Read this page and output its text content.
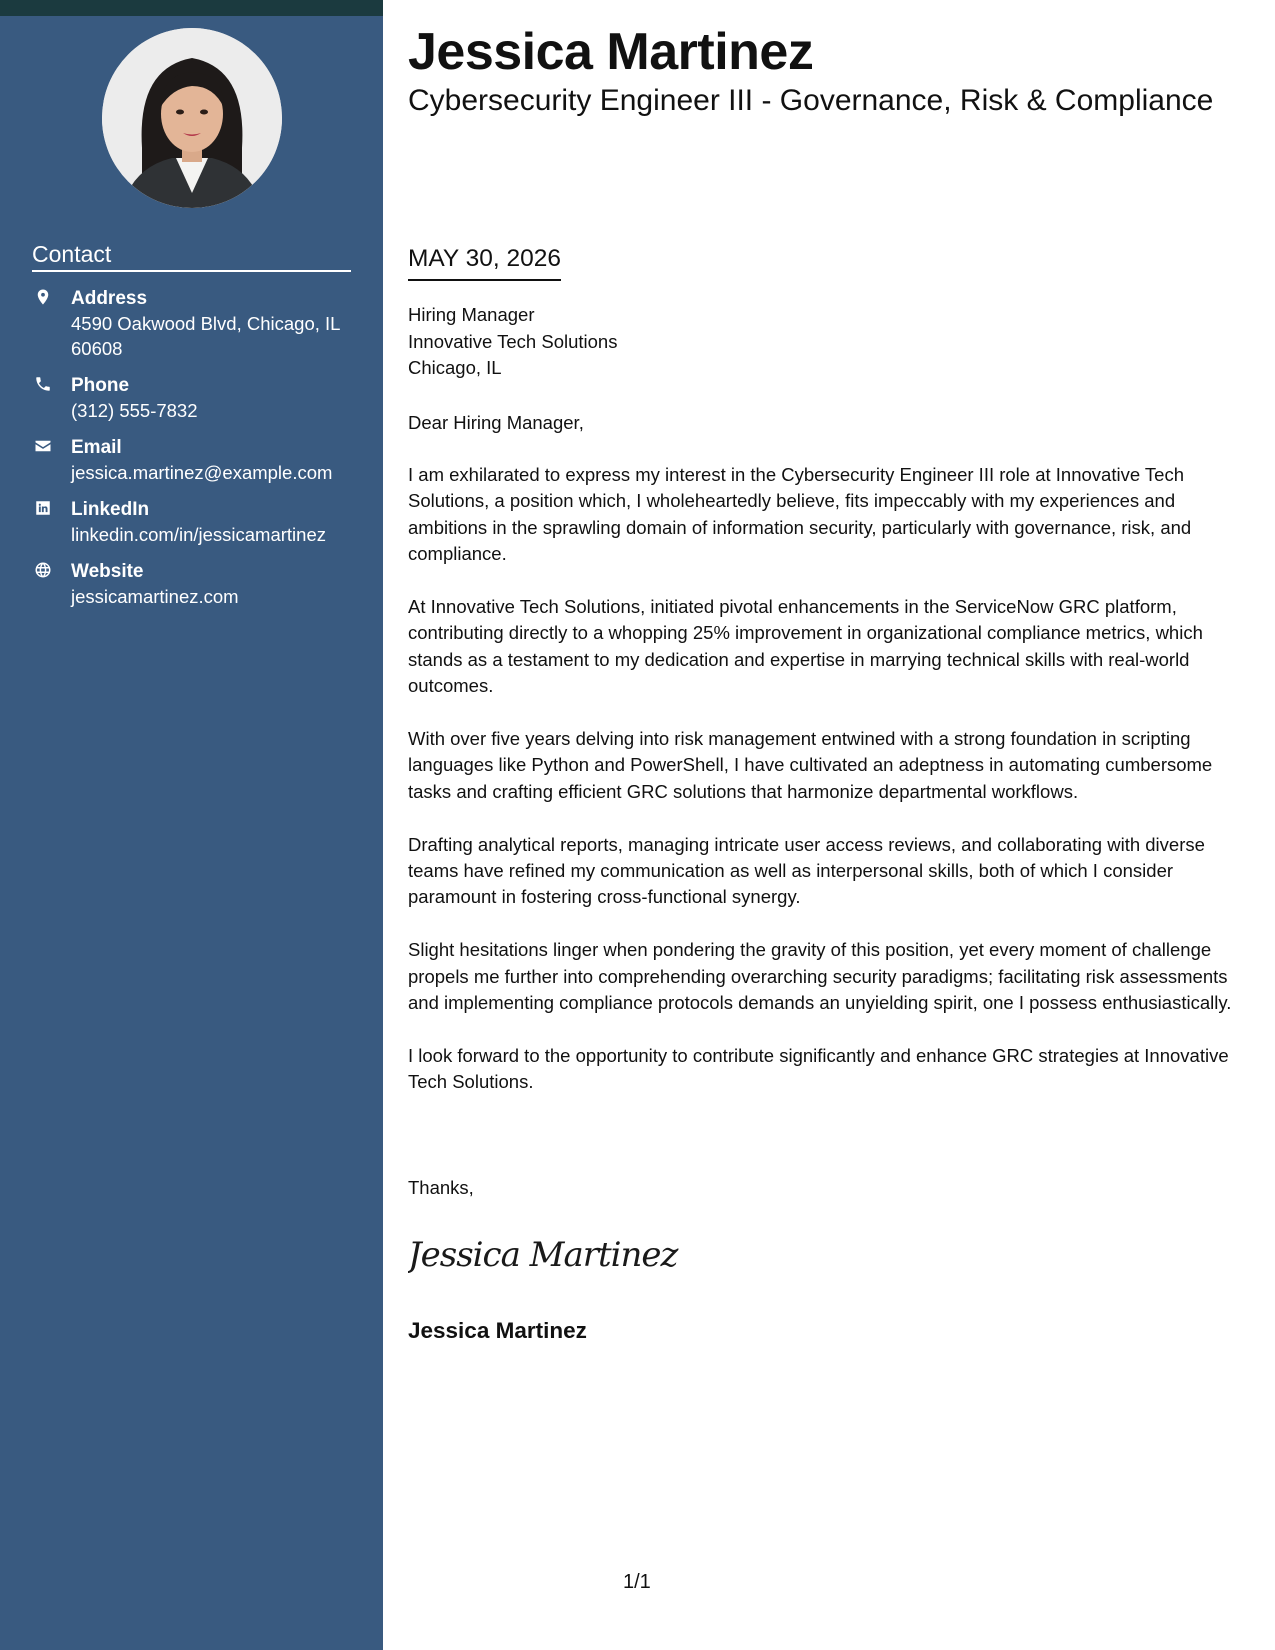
Contact
Address
4590 Oakwood Blvd, Chicago, IL 60608
Phone
(312) 555-7832
Email
jessica.martinez@example.com
LinkedIn
linkedin.com/in/jessicamartinez
Website
jessicamartinez.com
Jessica Martinez
Cybersecurity Engineer III - Governance, Risk & Compliance
MAY 30, 2026
Hiring Manager
Innovative Tech Solutions
Chicago, IL
Dear Hiring Manager,

I am exhilarated to express my interest in the Cybersecurity Engineer III role at Innovative Tech Solutions, a position which, I wholeheartedly believe, fits impeccably with my experiences and ambitions in the sprawling domain of information security, particularly with governance, risk, and compliance.

At Innovative Tech Solutions, initiated pivotal enhancements in the ServiceNow GRC platform, contributing directly to a whopping 25% improvement in organizational compliance metrics, which stands as a testament to my dedication and expertise in marrying technical skills with real-world outcomes.

With over five years delving into risk management entwined with a strong foundation in scripting languages like Python and PowerShell, I have cultivated an adeptness in automating cumbersome tasks and crafting efficient GRC solutions that harmonize departmental workflows.

Drafting analytical reports, managing intricate user access reviews, and collaborating with diverse teams have refined my communication as well as interpersonal skills, both of which I consider paramount in fostering cross-functional synergy.

Slight hesitations linger when pondering the gravity of this position, yet every moment of challenge propels me further into comprehending overarching security paradigms; facilitating risk assessments and implementing compliance protocols demands an unyielding spirit, one I possess enthusiastically.

I look forward to the opportunity to contribute significantly and enhance GRC strategies at Innovative Tech Solutions.

Thanks,
Jessica Martinez
Jessica Martinez
1/1
